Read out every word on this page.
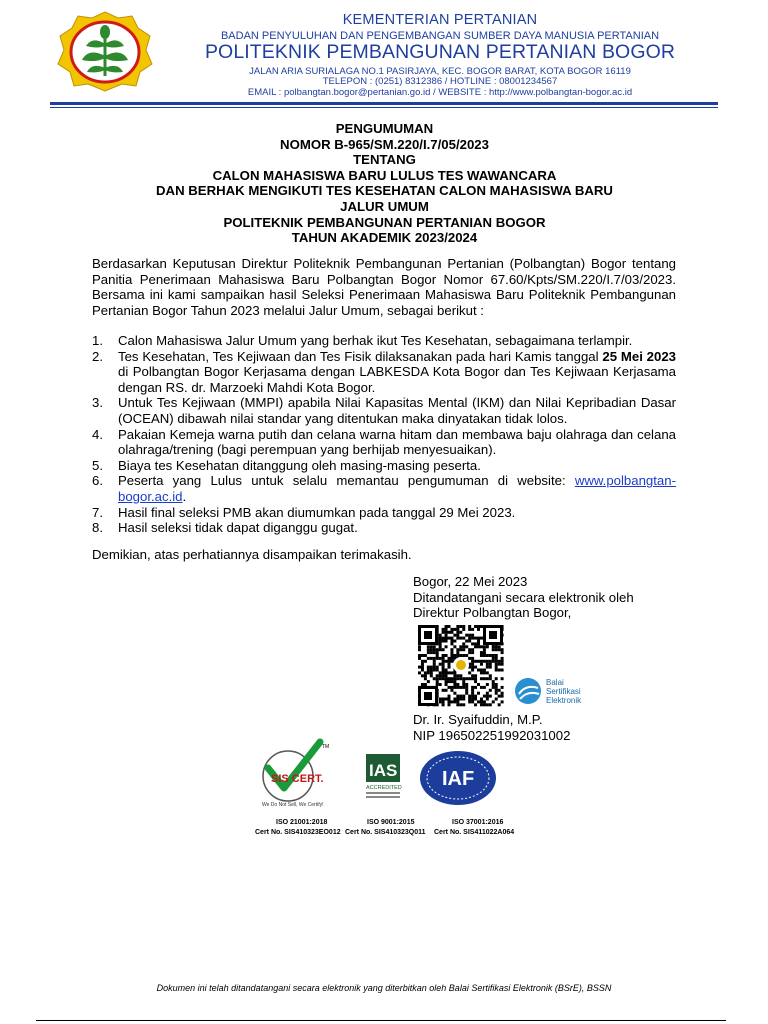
KEMENTERIAN PERTANIAN
BADAN PENYULUHAN DAN PENGEMBANGAN SUMBER DAYA MANUSIA PERTANIAN
POLITEKNIK PEMBANGUNAN PERTANIAN BOGOR
JALAN ARIA SURIALAGA NO.1 PASIRJAYA, KEC. BOGOR BARAT, KOTA BOGOR 16119
TELEPON : (0251) 8312386 / HOTLINE : 08001234567
EMAIL : polbangtan.bogor@pertanian.go.id / WEBSITE : http://www.polbangtan-bogor.ac.id
PENGUMUMAN
NOMOR B-965/SM.220/I.7/05/2023
TENTANG
CALON MAHASISWA BARU LULUS TES WAWANCARA
DAN BERHAK MENGIKUTI TES KESEHATAN CALON MAHASISWA BARU
JALUR UMUM
POLITEKNIK PEMBANGUNAN PERTANIAN BOGOR
TAHUN AKADEMIK 2023/2024
Berdasarkan Keputusan Direktur Politeknik Pembangunan Pertanian (Polbangtan) Bogor tentang Panitia Penerimaan Mahasiswa Baru Polbangtan Bogor Nomor 67.60/Kpts/SM.220/I.7/03/2023. Bersama ini kami sampaikan hasil Seleksi Penerimaan Mahasiswa Baru Politeknik Pembangunan Pertanian Bogor Tahun 2023 melalui Jalur Umum, sebagai berikut :
1. Calon Mahasiswa Jalur Umum yang berhak ikut Tes Kesehatan, sebagaimana terlampir.
2. Tes Kesehatan, Tes Kejiwaan dan Tes Fisik dilaksanakan pada hari Kamis tanggal 25 Mei 2023 di Polbangtan Bogor Kerjasama dengan LABKESDA Kota Bogor dan Tes Kejiwaan Kerjasama dengan RS. dr. Marzoeki Mahdi Kota Bogor.
3. Untuk Tes Kejiwaan (MMPI) apabila Nilai Kapasitas Mental (IKM) dan Nilai Kepribadian Dasar (OCEAN) dibawah nilai standar yang ditentukan maka dinyatakan tidak lolos.
4. Pakaian Kemeja warna putih dan celana warna hitam dan membawa baju olahraga dan celana olahraga/trening (bagi perempuan yang berhijab menyesuaikan).
5. Biaya tes Kesehatan ditanggung oleh masing-masing peserta.
6. Peserta yang Lulus untuk selalu memantau pengumuman di website: www.polbangtan-bogor.ac.id.
7. Hasil final seleksi PMB akan diumumkan pada tanggal 29 Mei 2023.
8. Hasil seleksi tidak dapat diganggu gugat.
Demikian, atas perhatiannya disampaikan terimakasih.
Bogor, 22 Mei 2023
Ditandatangani secara elektronik oleh
Direktur Polbangtan Bogor,
Balai
Sertifikasi
Elektronik
Dr. Ir. Syaifuddin, M.P.
NIP 196502251992031002
TM
SIS CERT.
We Do Not Sell, We Certify!
IAS
ACCREDITED IAF
ISO 21001:2018	ISO 9001:2015	ISO 37001:2016
Cert No. SIS410323EO012 Cert No. SIS410323Q011 Cert No. SIS411022A064
Dokumen ini telah ditandatangani secara elektronik yang diterbitkan oleh Balai Sertifikasi Elektronik (BSrE), BSSN
